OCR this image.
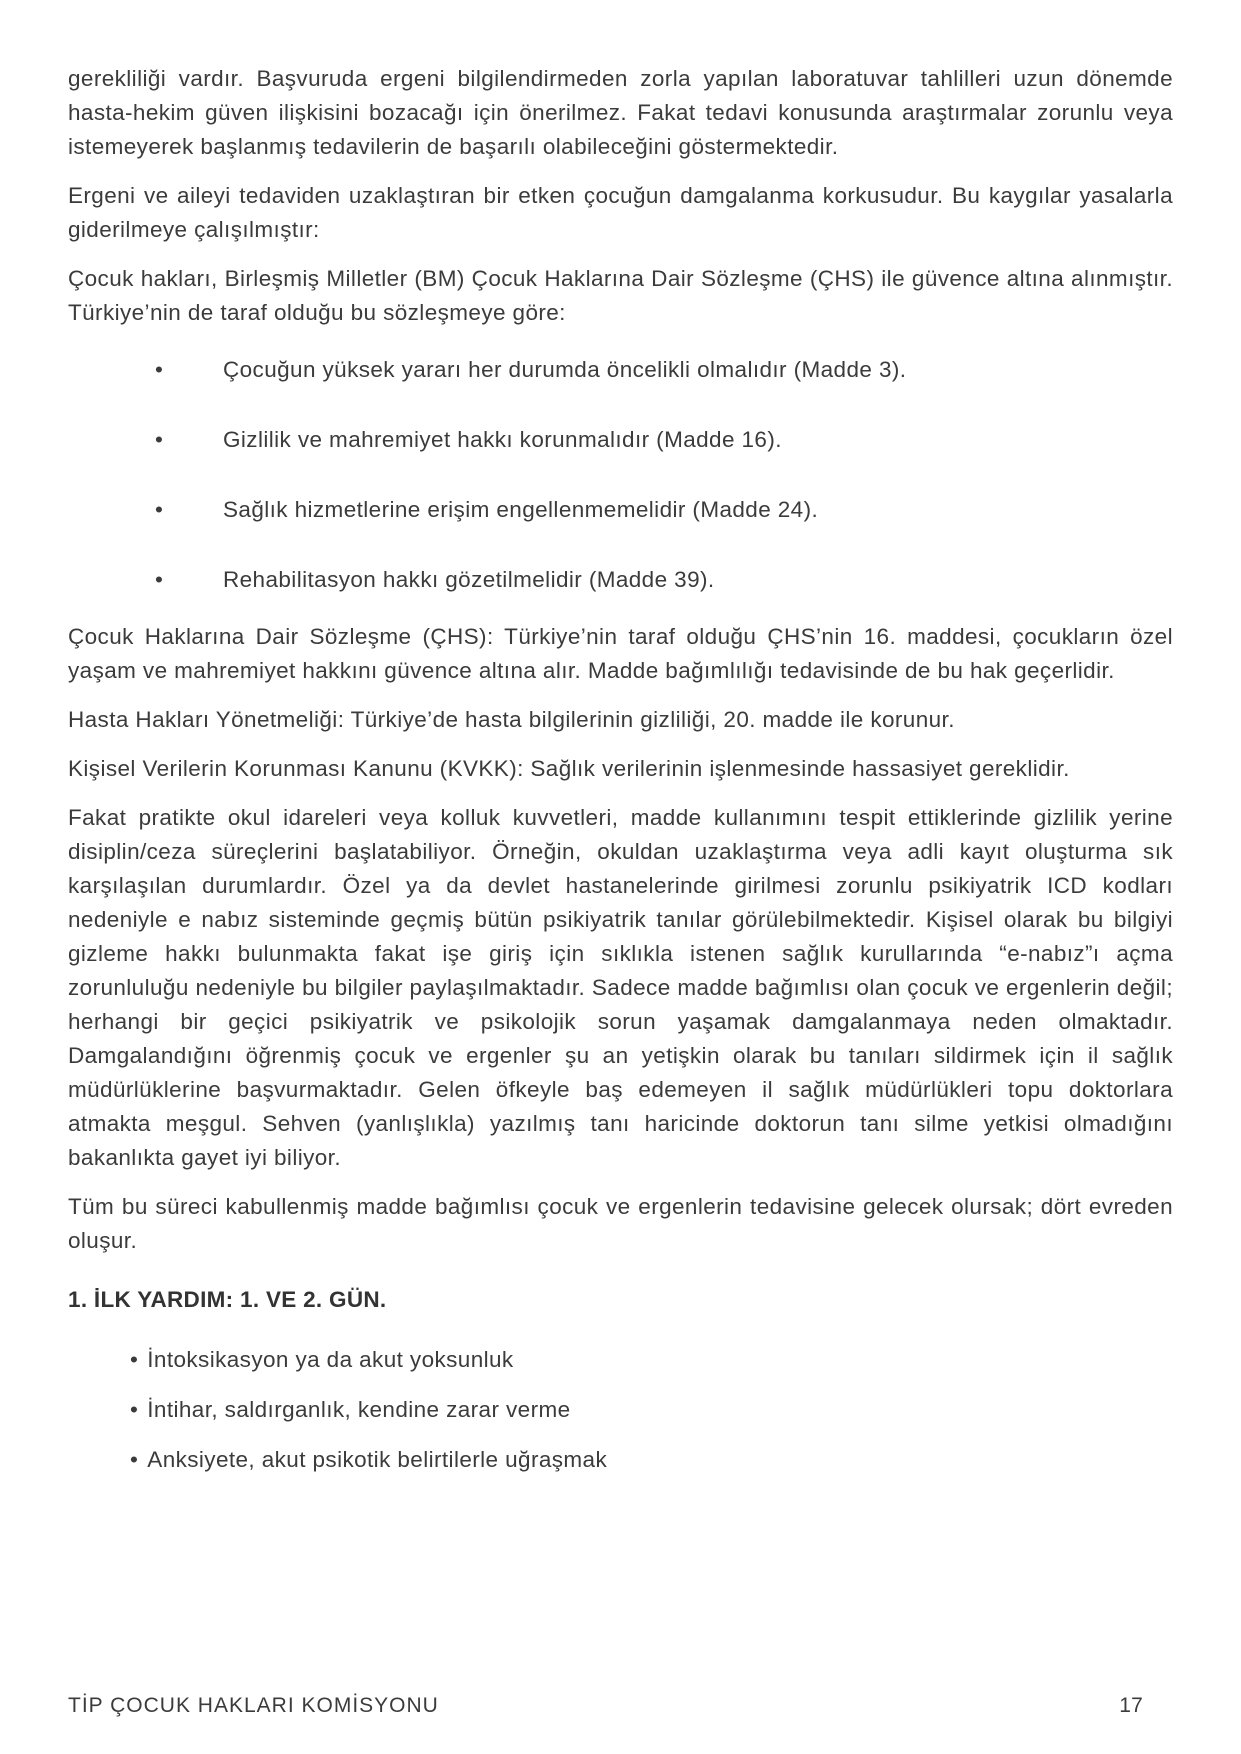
gerekliliği vardır. Başvuruda ergeni bilgilendirmeden zorla yapılan laboratuvar tahlilleri uzun dönemde hasta-hekim güven ilişkisini bozacağı için önerilmez. Fakat tedavi konusunda araştırmalar zorunlu veya istemeyerek başlanmış tedavilerin de başarılı olabileceğini göstermektedir.

Ergeni ve aileyi tedaviden uzaklaştıran bir etken çocuğun damgalanma korkusudur. Bu kaygılar yasalarla giderilmeye çalışılmıştır:

Çocuk hakları, Birleşmiş Milletler (BM) Çocuk Haklarına Dair Sözleşme (ÇHS) ile güvence altına alınmıştır. Türkiye’nin de taraf olduğu bu sözleşmeye göre:

•	Çocuğun yüksek yararı her durumda öncelikli olmalıdır (Madde 3).
•	Gizlilik ve mahremiyet hakkı korunmalıdır (Madde 16).
•	Sağlık hizmetlerine erişim engellenmemelidir (Madde 24).
•	Rehabilitasyon hakkı gözetilmelidir (Madde 39).

Çocuk Haklarına Dair Sözleşme (ÇHS): Türkiye’nin taraf olduğu ÇHS’nin 16. maddesi, çocukların özel yaşam ve mahremiyet hakkını güvence altına alır. Madde bağımlılığı tedavisinde de bu hak geçerlidir.

Hasta Hakları Yönetmeliği: Türkiye’de hasta bilgilerinin gizliliği, 20. madde ile korunur.

Kişisel Verilerin Korunması Kanunu (KVKK): Sağlık verilerinin işlenmesinde hassasiyet gereklidir.

Fakat pratikte okul idareleri veya kolluk kuvvetleri, madde kullanımını tespit ettiklerinde gizlilik yerine disiplin/ceza süreçlerini başlatabiliyor. Örneğin, okuldan uzaklaştırma veya adli kayıt oluşturma sık karşılaşılan durumlardır. Özel ya da devlet hastanelerinde girilmesi zorunlu psikiyatrik ICD kodları nedeniyle e nabız sisteminde geçmiş bütün psikiyatrik tanılar görülebilmektedir. Kişisel olarak bu bilgiyi gizleme hakkı bulunmakta fakat işe giriş için sıklıkla istenen sağlık kurullarında “e-nabız”ı açma zorunluluğu nedeniyle bu bilgiler paylaşılmaktadır. Sadece madde bağımlısı olan çocuk ve ergenlerin değil; herhangi bir geçici psikiyatrik ve psikolojik sorun yaşamak damgalanmaya neden olmaktadır. Damgalandığını öğrenmiş çocuk ve ergenler şu an yetişkin olarak bu tanıları sildirmek için il sağlık müdürlüklerine başvurmaktadır. Gelen öfkeyle baş edemeyen il sağlık müdürlükleri topu doktorlara atmakta meşgul. Sehven (yanlışlıkla) yazılmış tanı haricinde doktorun tanı silme yetkisi olmadığını bakanlıkta gayet iyi biliyor.

Tüm bu süreci kabullenmiş madde bağımlısı çocuk ve ergenlerin tedavisine gelecek olursak; dört evreden oluşur.

1. İLK YARDIM: 1. VE 2. GÜN.
• İntoksikasyon ya da akut yoksunluk
• İntihar, saldırganlık, kendine zarar verme
• Anksiyete, akut psikotik belirtilerle uğraşmak
TİP ÇOCUK HAKLARI KOMİSYONU	17
